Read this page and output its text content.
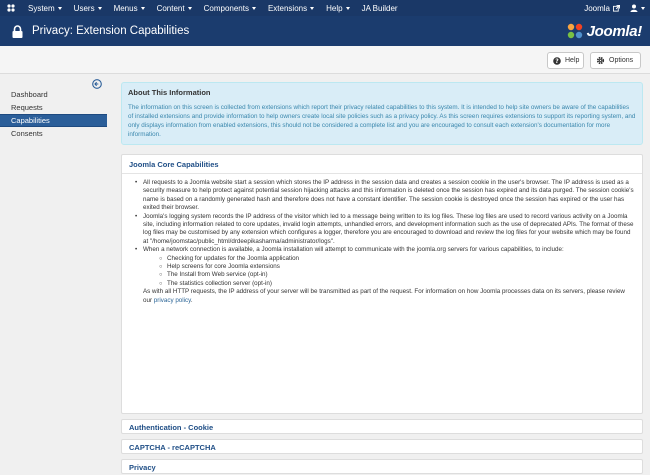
System Users Menus Content Components Extensions Help JA Builder	Joomla
Privacy: Extension Capabilities	Joomla!
? Help	Options
Dashboard
Requests
Capabilities
Consents
About This Information

The information on this screen is collected from extensions which report their privacy related capabilities to this system. It is intended to help site owners be aware of the capabilities of installed extensions and provide information to help owners create local site policies such as a privacy policy. As this screen requires extensions to support its reporting system, and only displays information from enabled extensions, this should not be considered a complete list and you are encouraged to consult each extension's documentation for more information.

Joomla Core Capabilities
• All requests to a Joomla website start a session which stores the IP address in the session data and creates a session cookie in the user's browser. The IP address is used as a security measure to help protect against potential session hijacking attacks and this information is deleted once the session has expired and its data purged. The session cookie's name is based on a randomly generated hash and therefore does not have a constant identifier. The session cookie is destroyed once the session has expired or the user has exited their browser.
• Joomla's logging system records the IP address of the visitor which led to a message being written to its log files. These log files are used to record various activity on a Joomla site, including information related to core updates, invalid login attempts, unhandled errors, and development information such as the use of deprecated APIs. The format of these log files may be customised by any extension which configures a logger, therefore you are encouraged to download and review the log files for your website which may be found at "/home/joomstac/public_html/drdeepikasharma/administrator/logs".
• When a network connection is available, a Joomla installation will attempt to communicate with the joomla.org servers for various capabilities, to include:
○ Checking for updates for the Joomla application
○ Help screens for core Joomla extensions
○ The Install from Web service (opt-in)
○ The statistics collection server (opt-in)
As with all HTTP requests, the IP address of your server will be transmitted as part of the request. For information on how Joomla processes data on its servers, please review our privacy policy.
Authentication - Cookie
CAPTCHA - reCAPTCHA
Privacy
